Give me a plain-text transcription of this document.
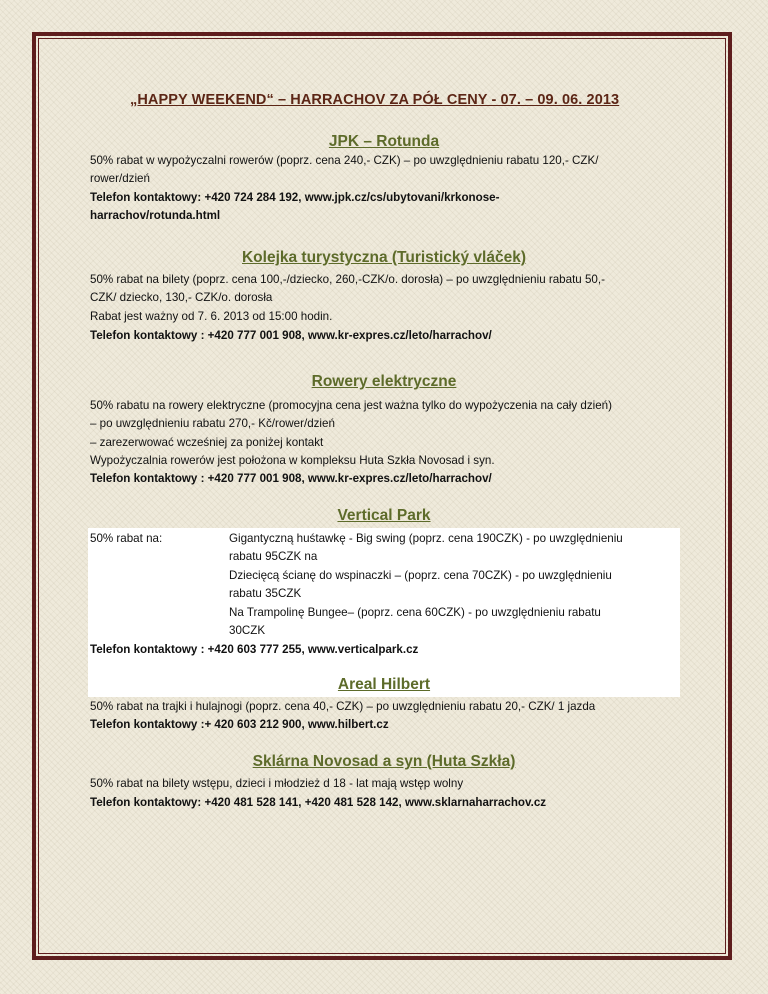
„HAPPY WEEKEND“ – HARRACHOV ZA PÓŁ CENY - 07. – 09. 06. 2013
JPK – Rotunda
50% rabat w wypożyczalni rowerów (poprz. cena 240,- CZK) – po uwzględnieniu rabatu 120,- CZK/
rower/dzień
Telefon kontaktowy: +420 724 284 192, www.jpk.cz/cs/ubytovani/krkonose-
harrachov/rotunda.html
Kolejka turystyczna (Turistický vláček)
50% rabat na bilety (poprz. cena 100,-/dziecko, 260,-CZK/o. dorosła) – po uwzględnieniu rabatu 50,-
CZK/ dziecko, 130,- CZK/o. dorosła
Rabat jest ważny od 7. 6. 2013 od 15:00 hodin.
Telefon kontaktowy : +420 777 001 908, www.kr-expres.cz/leto/harrachov/
Rowery elektryczne
50% rabatu na rowery elektryczne (promocyjna cena jest ważna tylko do wypożyczenia na cały dzień)
– po uwzględnieniu rabatu 270,- Kč/rower/dzień
– zarezerwować wcześniej za poniżej kontakt
Wypożyczalnia rowerów jest położona w kompleksu Huta Szkła Novosad i syn.
Telefon kontaktowy : +420 777 001 908, www.kr-expres.cz/leto/harrachov/
Vertical Park
50% rabat na:	Gigantyczną huśtawkę - Big swing (poprz. cena 190CZK) - po uwzględnieniu
rabatu 95CZK na
Dziecięcą ścianę do wspinaczki – (poprz. cena 70CZK) - po uwzględnieniu
rabatu 35CZK
Na Trampolinę Bungee– (poprz. cena 60CZK) - po uwzględnieniu rabatu
30CZK
Telefon kontaktowy : +420 603 777 255, www.verticalpark.cz
Areal Hilbert
50% rabat na trajki i hulajnogi (poprz. cena 40,- CZK) – po uwzględnieniu rabatu 20,- CZK/ 1 jazda
Telefon kontaktowy :+ 420 603 212 900, www.hilbert.cz
Sklárna Novosad a syn (Huta Szkła)
50% rabat na bilety wstępu, dzieci i młodzież d 18 - lat mają wstęp wolny
Telefon kontaktowy: +420 481 528 141, +420 481 528 142, www.sklarnaharrachov.cz
